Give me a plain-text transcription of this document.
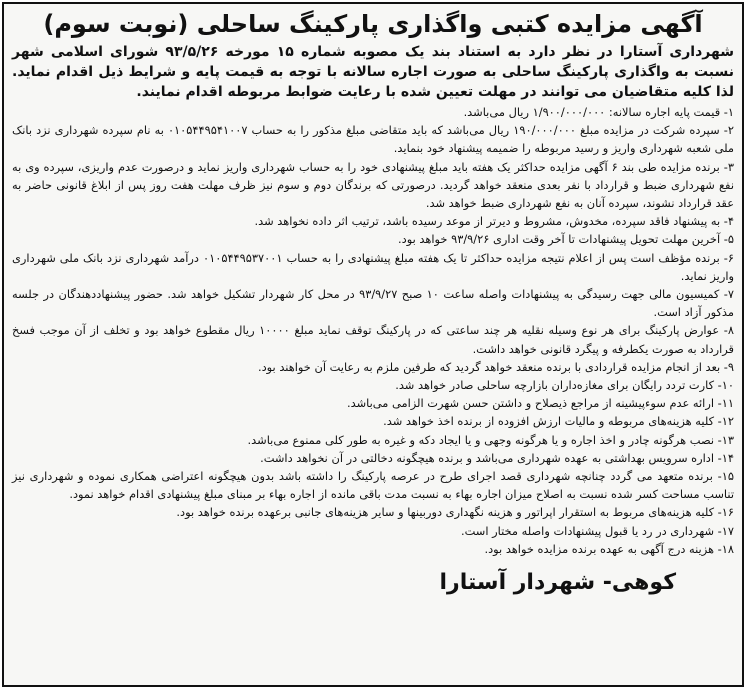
آگهی مزایده کتبی واگذاری پارکینگ ساحلی (نوبت سوم)

شهرداری آستارا در نظر دارد به استناد بند یک مصوبه شماره ۱۵ مورخه ۹۳/۵/۲۶ شورای اسلامی شهر نسبت به واگذاری پارکینگ ساحلی به صورت اجاره سالانه با توجه به قیمت پایه و شرایط ذیل اقدام نماید. لذا کلیه متقاضیان می توانند در مهلت تعیین شده با رعایت ضوابط مربوطه اقدام نمایند.

۱- قیمت پایه اجاره سالانه: ۱/۹۰۰/۰۰۰/۰۰۰ ریال می‌باشد.

۲- سپرده شرکت در مزایده مبلغ ۱۹۰/۰۰۰/۰۰۰ ریال می‌باشد که باید متقاضی مبلغ مذکور را به حساب ۰۱۰۵۴۴۹۵۴۱۰۰۷ به نام سپرده شهرداری نزد بانک ملی شعبه شهرداری واریز و رسید مربوطه را ضمیمه پیشنهاد خود بنماید.

۳- برنده مزایده طی بند ۶ آگهی مزایده حداکثر یک هفته باید مبلغ پیشنهادی خود را به حساب شهرداری واریز نماید و درصورت عدم واریزی، سپرده وی به نفع شهرداری ضبط و قرارداد با نفر بعدی منعقد خواهد گردید. درصورتی که برندگان دوم و سوم نیز ظرف مهلت هفت روز پس از ابلاغ قانونی حاضر به عقد قرارداد نشوند، سپرده آنان به نفع شهرداری ضبط خواهد شد.

۴- به پیشنهاد فاقد سپرده، مخدوش، مشروط و دیرتر از موعد رسیده باشد، ترتیب اثر داده نخواهد شد.

۵- آخرین مهلت تحویل پیشنهادات تا آخر وقت اداری ۹۳/۹/۲۶ خواهد بود.

۶- برنده مؤظف است پس از اعلام نتیجه مزایده حداکثر تا یک هفته مبلغ پیشنهادی را به حساب ۰۱۰۵۴۴۹۵۳۷۰۰۱ درآمد شهرداری نزد بانک ملی شهرداری واریز نماید.

۷- کمیسیون مالی جهت رسیدگی به پیشنهادات واصله ساعت ۱۰ صبح ۹۳/۹/۲۷ در محل کار شهردار تشکیل خواهد شد. حضور پیشنهاددهندگان در جلسه مذکور آزاد است.

۸- عوارض پارکینگ برای هر نوع وسیله نقلیه هر چند ساعتی که در پارکینگ توقف نماید مبلغ ۱۰۰۰۰ ریال مقطوع خواهد بود و تخلف از آن موجب فسخ قرارداد به صورت یکطرفه و پیگرد قانونی خواهد داشت.

۹- بعد از انجام مزایده قراردادی با برنده منعقد خواهد گردید که طرفین ملزم به رعایت آن خواهند بود.

۱۰- کارت تردد رایگان برای مغازه‌داران بازارچه ساحلی صادر خواهد شد.

۱۱- ارائه عدم سوءپیشینه از مراجع ذیصلاح و داشتن حسن شهرت الزامی می‌باشد.

۱۲- کلیه هزینه‌های مربوطه و مالیات ارزش افزوده از برنده اخذ خواهد شد.

۱۳- نصب هرگونه چادر و اخذ اجاره و یا هرگونه وجهی و یا ایجاد دکه و غیره به طور کلی ممنوع می‌باشد.

۱۴- اداره سرویس بهداشتی به عهده شهرداری می‌باشد و برنده هیچگونه دخالتی در آن نخواهد داشت.

۱۵- برنده متعهد می گردد چنانچه شهرداری قصد اجرای طرح در عرصه پارکینگ را داشته باشد بدون هیچگونه اعتراضی همکاری نموده و شهرداری نیز تناسب مساحت کسر شده نسبت به اصلاح میزان اجاره بهاء به نسبت مدت باقی مانده از اجاره بهاء بر مبنای مبلغ پیشنهادی اقدام خواهد نمود.

۱۶- کلیه هزینه‌های مربوط به استقرار اپراتور و هزینه نگهداری دوربینها و سایر هزینه‌های جانبی برعهده برنده خواهد بود.

۱۷- شهرداری در رد یا قبول پیشنهادات واصله مختار است.

۱۸- هزینه درج آگهی به عهده برنده مزایده خواهد بود.

کوهی- شهردار آستارا
